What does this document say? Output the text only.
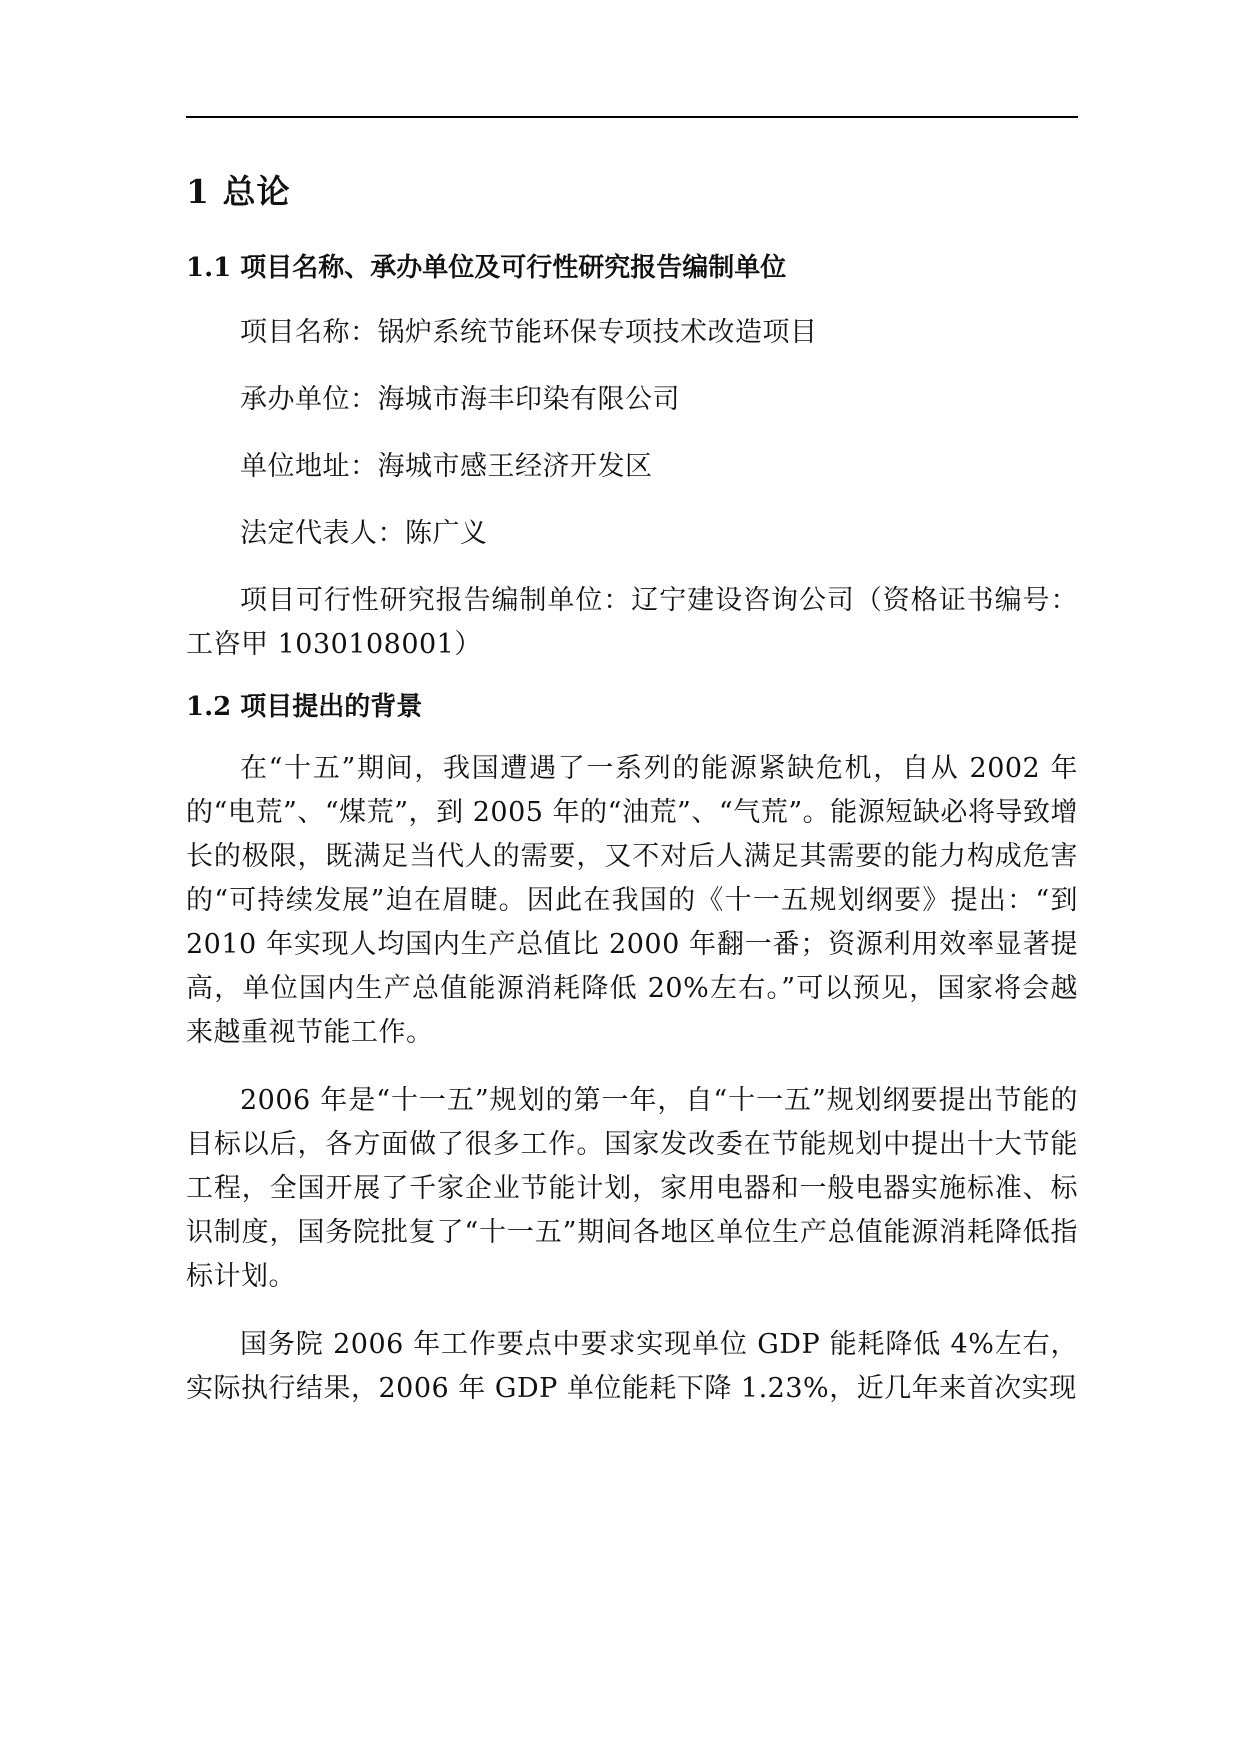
1 总论
1.1 项目名称、承办单位及可行性研究报告编制单位

项目名称：锅炉系统节能环保专项技术改造项目

承办单位：海城市海丰印染有限公司

单位地址：海城市感王经济开发区

法定代表人：陈广义

项目可行性研究报告编制单位：辽宁建设咨询公司（资格证书编号：工咨甲 1030108001）

1.2 项目提出的背景

在“十五”期间，我国遭遇了一系列的能源紧缺危机，自从 2002 年的“电荒”、“煤荒”，到 2005 年的“油荒”、“气荒”。能源短缺必将导致增长的极限，既满足当代人的需要，又不对后人满足其需要的能力构成危害的“可持续发展”迫在眉睫。因此在我国的《十一五规划纲要》提出：“到 2010 年实现人均国内生产总值比 2000 年翻一番；资源利用效率显著提高，单位国内生产总值能源消耗降低 20%左右。”可以预见，国家将会越来越重视节能工作。

2006 年是“十一五”规划的第一年，自“十一五”规划纲要提出节能的目标以后，各方面做了很多工作。国家发改委在节能规划中提出十大节能工程，全国开展了千家企业节能计划，家用电器和一般电器实施标准、标识制度，国务院批复了“十一五”期间各地区单位生产总值能源消耗降低指标计划。

国务院 2006 年工作要点中要求实现单位 GDP 能耗降低 4%左右，实际执行结果，2006 年 GDP 单位能耗下降 1.23%，近几年来首次实现
